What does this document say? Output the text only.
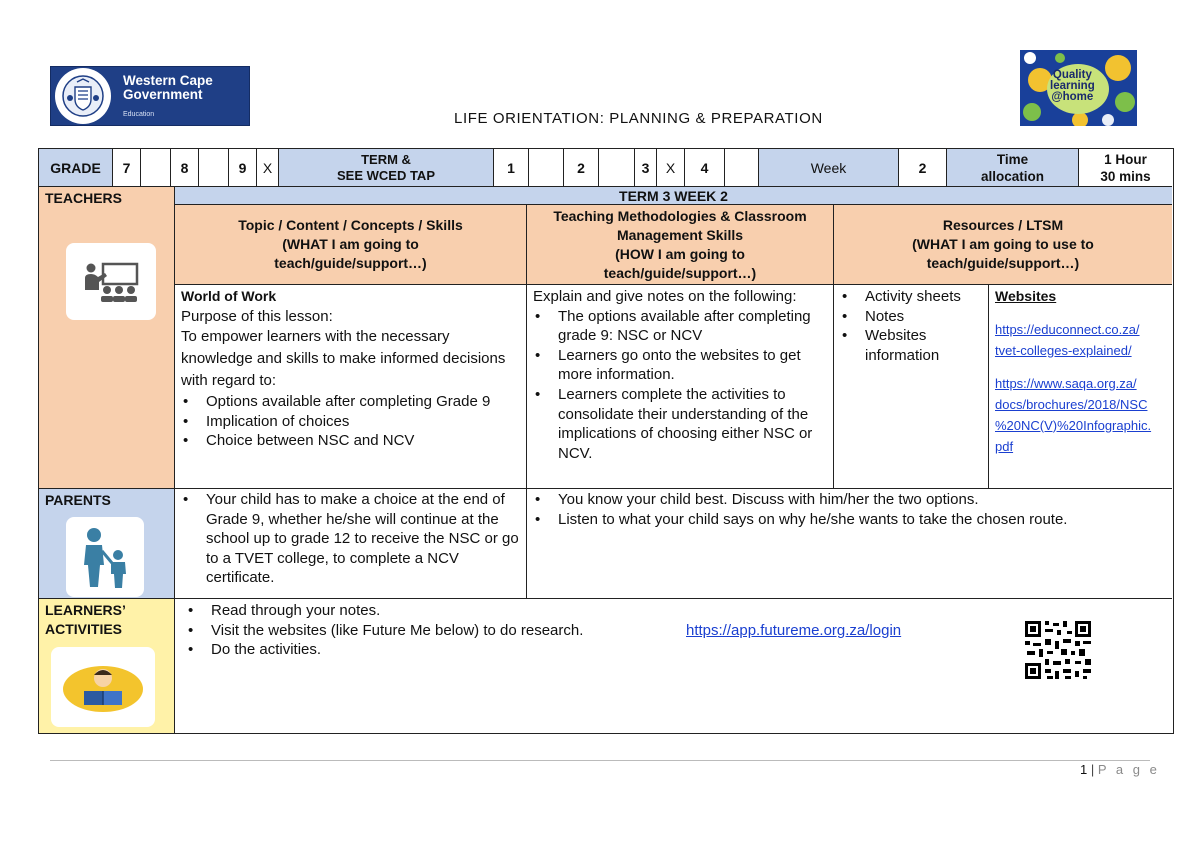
Western Cape
Government
Education
Quality
learning
@home
LIFE ORIENTATION: PLANNING & PREPARATION
GRADE	7	8	9	X
TERM &
SEE WCED TAP	1	2	3	X	4	Week	2
Time
allocation
1 Hour
30 mins
TEACHERS	TERM 3 WEEK 2
Topic / Content / Concepts / Skills
(WHAT I am going to
teach/guide/support…)
Teaching Methodologies & Classroom
Management Skills
(HOW I am going to
teach/guide/support…)
Resources / LTSM
(WHAT I am going to use to
teach/guide/support…)

World of Work

Purpose of this lesson:

To empower learners with the necessary knowledge and skills to make informed decisions with regard to:

• Options available after completing Grade 9
• Implication of choices
• Choice between NSC and NCV

Explain and give notes on the following:

• The options available after completing grade 9: NSC or NCV
• Learners go onto the websites to get more information.
• Learners complete the activities to consolidate their understanding of the implications of choosing either NSC or NCV.
• Activity sheets
• Notes
• Websites information

Websites

https://educonnect.co.za/
tvet-colleges-explained/
https://www.saqa.org.za/
docs/brochures/2018/NSC
%20NC(V)%20Infographic.
pdf
PARENTS
•	Your child has to make a choice at the end of Grade 9, whether he/she will continue at the school up to grade 12 to receive the NSC or go to a TVET college, to complete a NCV certificate.
• You know your child best. Discuss with him/her the two options.
• Listen to what your child says on why he/she wants to take the chosen route.
LEARNERS’
ACTIVITIES
• Read through your notes.
• Visit the websites (like Future Me below) to do research.	https://app.futureme.org.za/login
• Do the activities.
1 | P a g e
